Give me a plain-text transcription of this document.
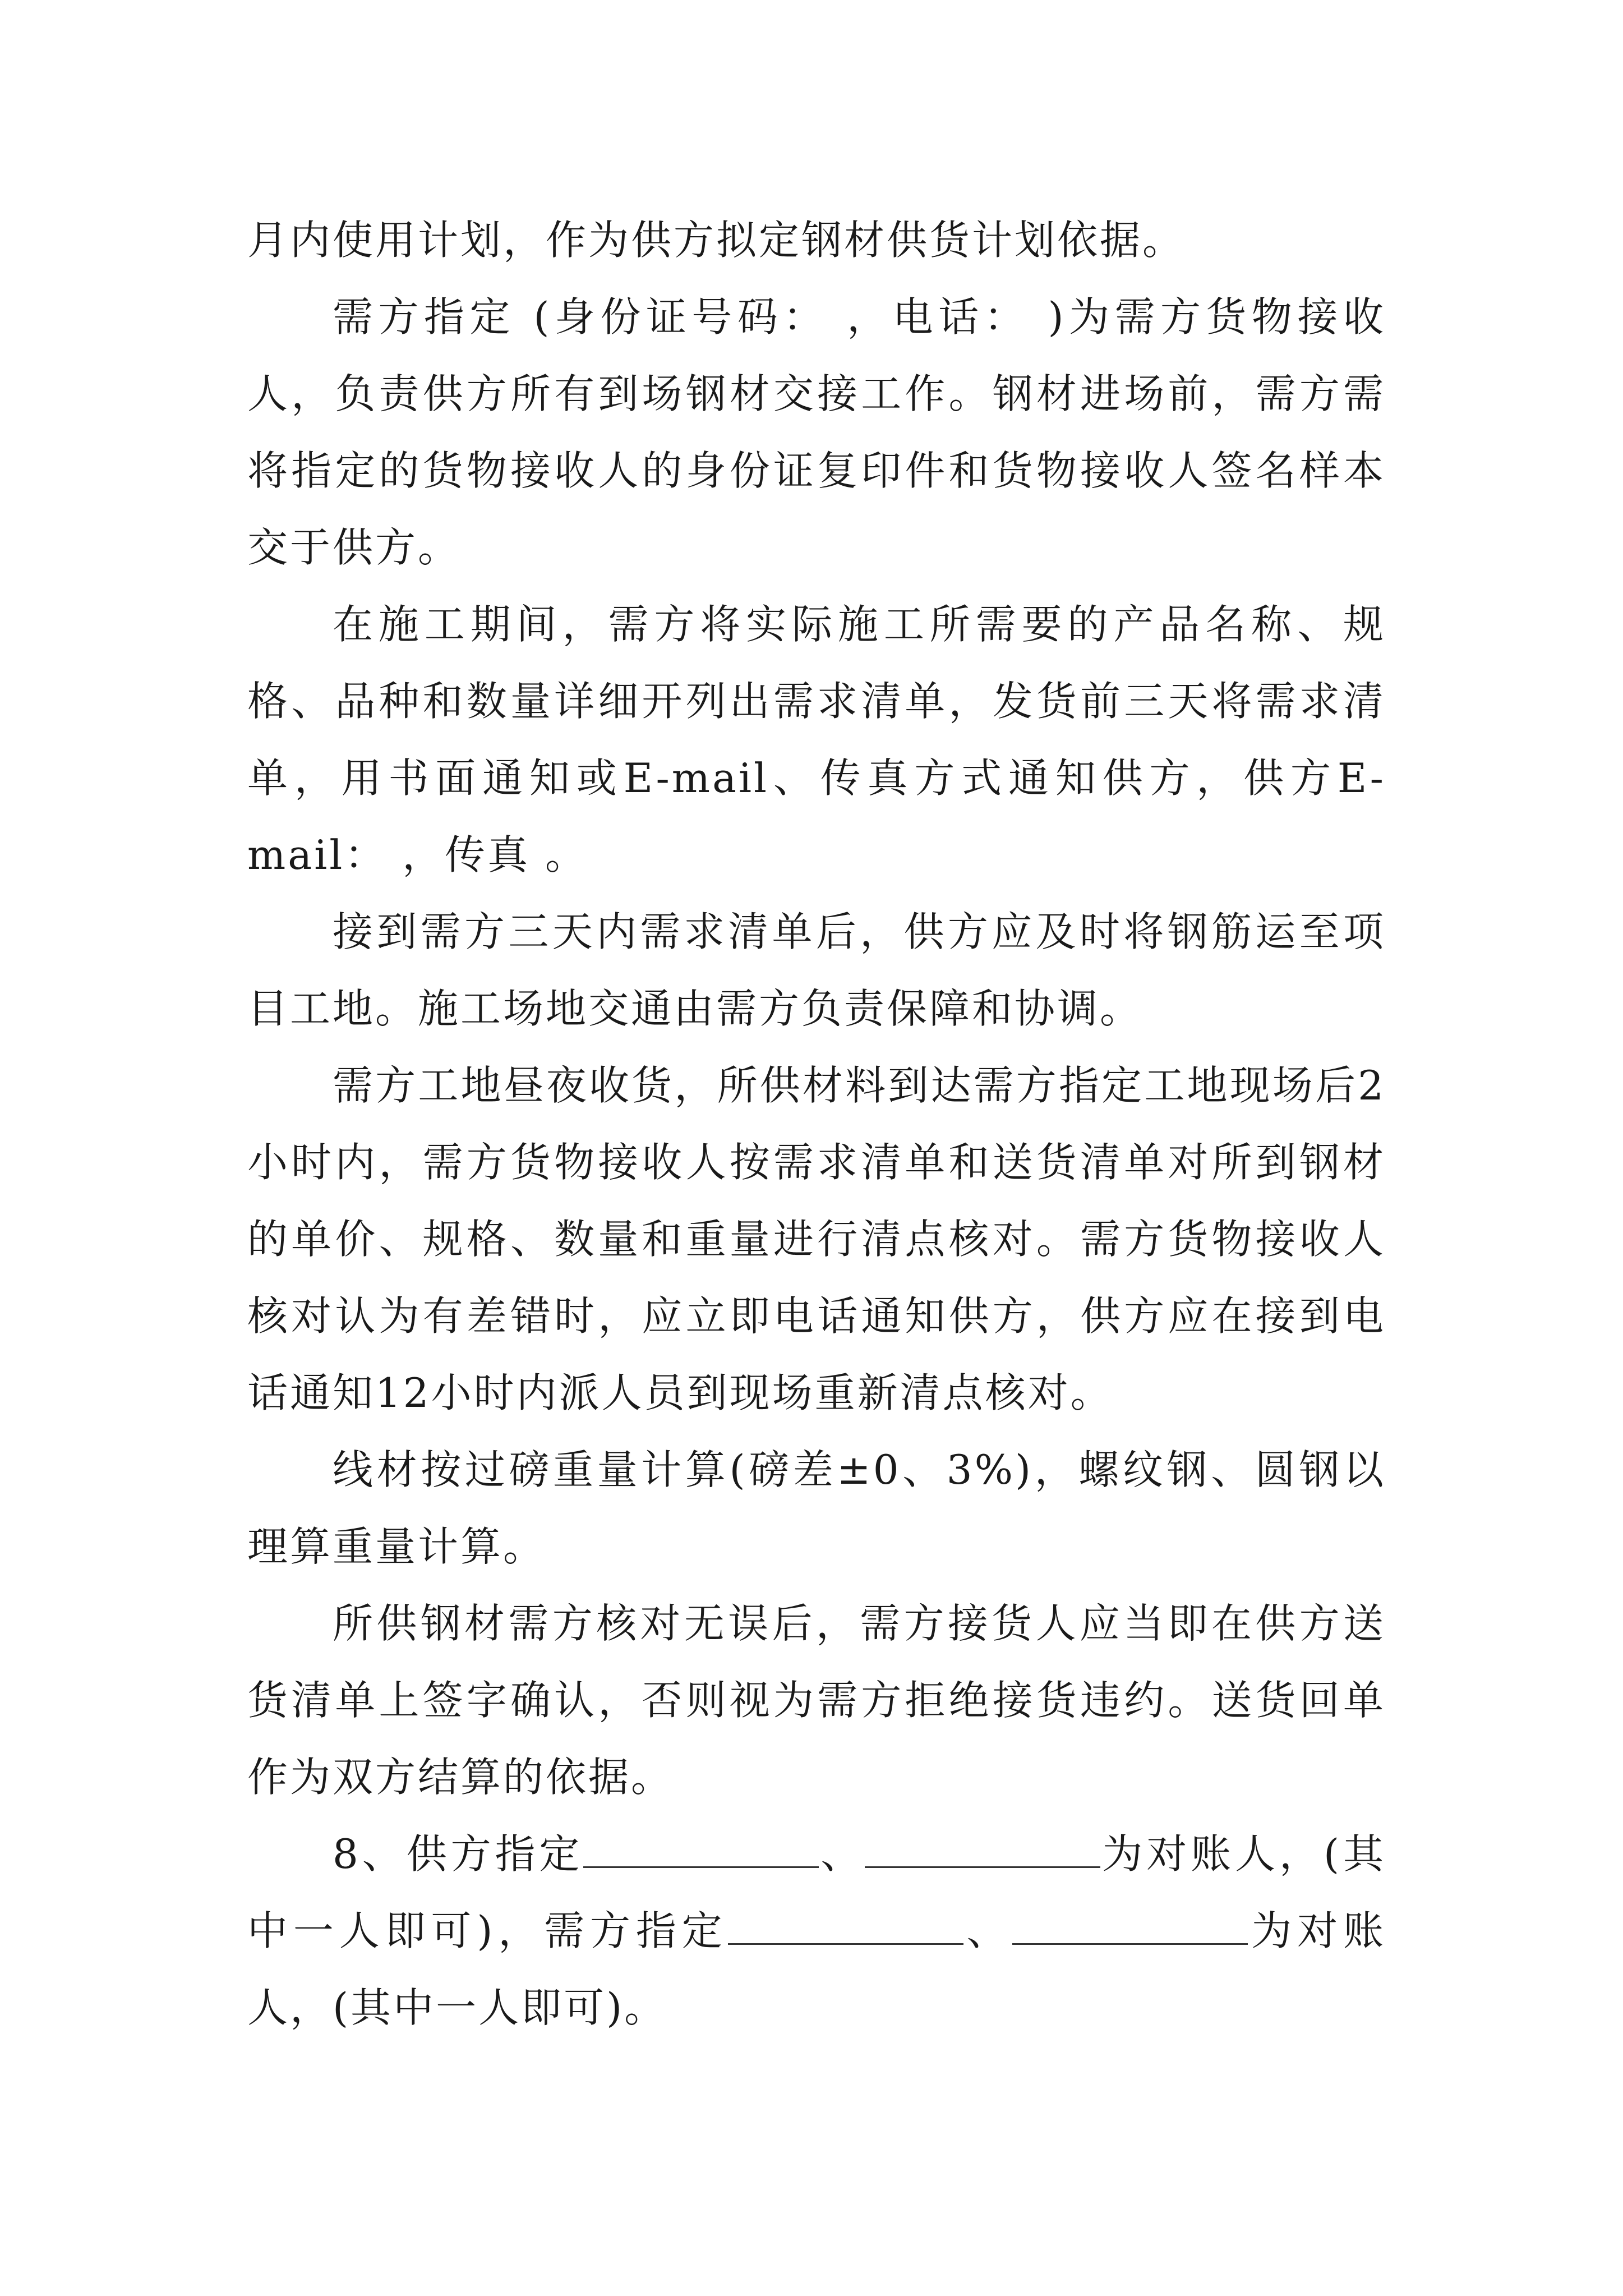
月内使用计划，作为供方拟定钢材供货计划依据。

需方指定 (身份证号码： ，电话： )为需方货物接收人，负责供方所有到场钢材交接工作。钢材进场前，需方需将指定的货物接收人的身份证复印件和货物接收人签名样本交于供方。

在施工期间，需方将实际施工所需要的产品名称、规格、品种和数量详细开列出需求清单，发货前三天将需求清单，用书面通知或E-mail、传真方式通知供方，供方E-mail： ，传真 。

接到需方三天内需求清单后，供方应及时将钢筋运至项目工地。施工场地交通由需方负责保障和协调。

需方工地昼夜收货，所供材料到达需方指定工地现场后2小时内，需方货物接收人按需求清单和送货清单对所到钢材的单价、规格、数量和重量进行清点核对。需方货物接收人核对认为有差错时，应立即电话通知供方，供方应在接到电话通知12小时内派人员到现场重新清点核对。

线材按过磅重量计算(磅差±0、3%)，螺纹钢、圆钢以理算重量计算。

所供钢材需方核对无误后，需方接货人应当即在供方送货清单上签字确认，否则视为需方拒绝接货违约。送货回单作为双方结算的依据。

8、供方指定	、	为对账人，(其中一人即可)，需方指定	、	为对账人，(其中一人即可)。
